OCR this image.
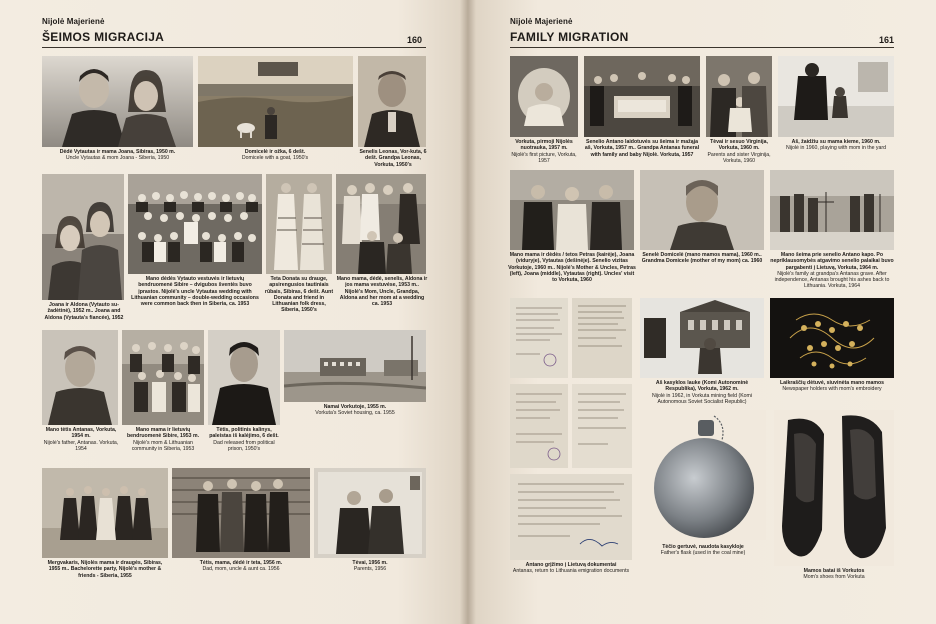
Nijolė Majerienė
ŠEIMOS MIGRACIJA	160
Dėdė Vytautas ir mama Joana, Sibiras, 1950 m.
Uncle Vytautas & mom Joana - Siberia, 1950
Domicelė ir ožka, 6 dešt.
Domicele with a goat, 1950's
Senelis Leonas, Vor-kuta, 6 dešt. Grandpa Leonas, Vorkuta, 1950's
Joana ir Aldona (Vytauto su-žadėtinė), 1952 m.. Joana and Aldona (Vytauta's fiancée), 1952
Mano dėdės Vytauto vestuvės ir lietuvių bendruomenė Sibire – dvigubos šventės buvo įprastos. Nijolė's uncle Vytautas wedding with Lithuanian community – double-wedding occasions were common back then in Siberia, ca. 1953
Teta Donata su drauge, apsirengusios tautiniais rūbais, Sibiras, 6 dešt. Aunt Donata and friend in Lithuanian folk dress, Siberia, 1950's
Mano mama, dėdė, senelis, Aldona ir jos mama vestuvėse, 1953 m.. Nijolė's Mom, Uncle, Grandpa, Aldona and her mom at a wedding ca. 1953
Mano tėtis Antanas, Vorkuta, 1954 m.
Nijolė's father, Antanas. Vorkuta, 1954
Mano mama ir lietuvių bendruomenė Sibire, 1953 m.
Nijolė's mom & Lithuanian community in Siberia, 1953
Tėtis, politinis kalinys, paleistas iš kalėjimo, 6 dešt.
Dad released from political prison, 1950's
Namai Vorkutoje, 1955 m.
Vorkuta's Soviet housing, ca. 1955
Mergvakaris, Nijolės mama ir draugės, Sibiras, 1955 m.. Bachelorette party, Nijolė's mother & friends - Siberia, 1955
Tėtis, mama, dėdė ir teta, 1956 m.
Dad, mom, uncle & aunt ca. 1956
Tėvai, 1956 m.
Parents, 1956
Nijolė Majerienė
FAMILY MIGRATION	161
Vorkuta, pirmoji Nijolės nuotrauka, 1957 m.
Nijolė's first picture, Vorkuta, 1957
Senelio Antano laidotuvės su šeima ir mažąja aš, Vorkuta, 1957 m.. Grandpa Antanas funeral with family and baby Nijolė. Vorkuta, 1957
Tėvai ir sesuo Virginija, Vorkuta, 1960 m.
Parents and sister Virginija, Vorkuta, 1960
Aš, žaidžiu su mama kieme, 1960 m.
Nijolė in 1960, playing with mom in the yard
Mano mama ir dėdės / tetos Petras (kairėje), Joana (viduryje), Vytautas (dešinėje). Senelio vizitas Vorkutoje, 1960 m.. Nijolė's Mother & Uncles, Petras (left), Joana (middle), Vytautas (right). Uncles' visit to Vorkuta, 1960
Senelė Domicelė (mano mamos mama), 1960 m.. Grandma Domicele (mother of my mom) ca. 1960
Mano šeima prie senelio Antano kapo. Po nepriklausomybės atgavimo senelio palaikai buvo pargabenti į Lietuvą, Vorkuta, 1964 m.
Nijolė's family at grandpa's Antanas grave. After independence, Antanas brought his ashes back to Lithuania. Vorkuta, 1964
Antano grįžimo į Lietuvą dokumentai
Antanas, return to Lithuania emigration documents
Aš kasyklos lauke (Komi Autonominė Respublika), Vorkuta, 1962 m.
Nijolė in 1962, in Vorkuta mining field (Komi Autonomous Soviet Socialist Republic)
Laikraščių dėtuvė, siuvinėta mano mamos
Newspaper holders with mom's embroidery
Tėčio gertuvė, naudota kasykloje
Father's flask (used in the coal mine)
Mamos batai iš Vorkutos
Mom's shoes from Vorkuta
